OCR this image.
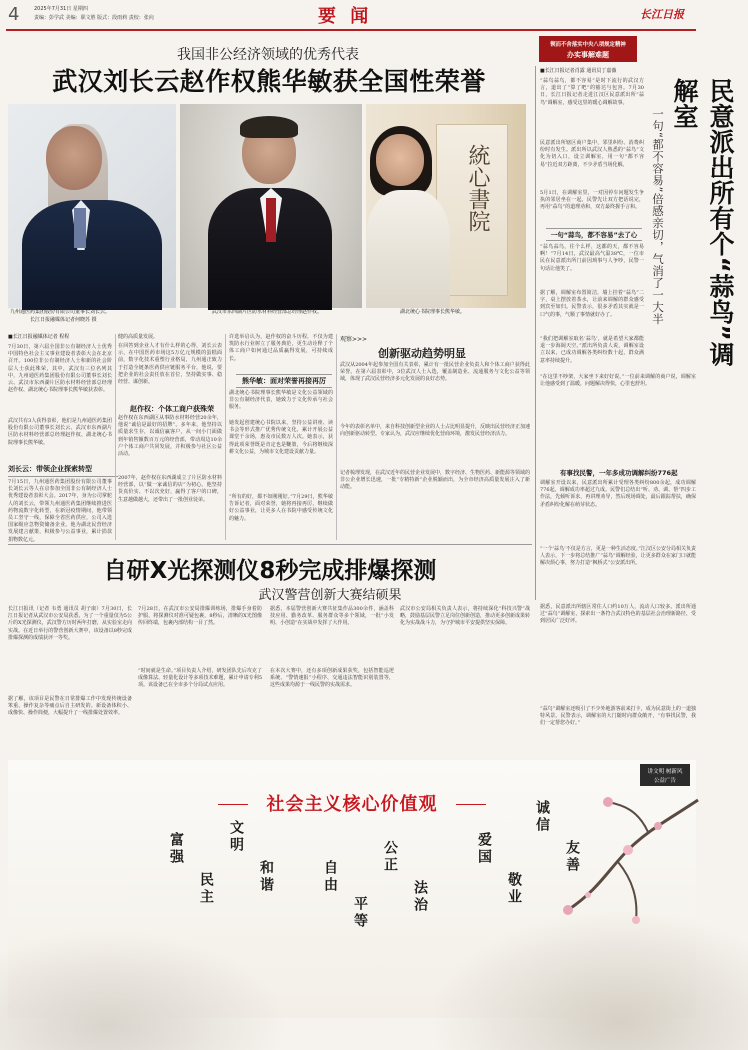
4	2025年7月31日 星期四
责编：彭学武 美编：职文胜 版式：段雨莉 责校：张向	要 闻	长江日报
锲而不舍落实中央八项规定精神
办实事解难题
我国非公经济领域的优秀代表
武汉刘长云赵作权熊华敏获全国性荣誉
統心書院
九州通医药集团股份有限公司董事长刘长云。
长江日报融媒体记者何晓苏 摄
武汉市东西湖片区防水材料经营部总经理赵作权。	湖北统心书院理事长熊华敏。
■长江日报融媒体记者 程程
7月30日，第六届全国非公有制经济人士优秀中国特色社会主义事业建设者表彰大会在北京召开。100位非公有制经济人士和新的社会阶层人士获此殊荣，其中，武汉有三位名列其中，九州通医药集团股份有限公司董事长刘长云、武汉市东西湖片区防水材料经营部总经理赵作权、湖北统心书院理事长熊华敏获表彰。
武汉共有3人获得表彰，他们是九州通医药集团股份有限公司董事长刘长云、武汉市东西湖片区防水材料经营部总经理赵作权、湖北统心书院理事长熊华敏。
刘长云：带领企业探索转型
7月15日，九州通医药集团股份有限公司董事长刘长云等人在京参加全国非公有制经济人士优秀建设者表彰大会。2017年，身为公司掌舵人的刘长云，带领九州通医药集团继续推进医药物流数字化转型，在新冠疫情期间，他带领员工坚守一线，保障全省医药供应，公司入选国家级应急物资储备企业。他为湖北民营经济发展建言献策，积极参与公益事业，累计捐款捐物数亿元。
健的高质量发展。
在回答到企业人才有什么样的心得，刘长云表示，在中国医药市场这5万亿元规模的蛋糕面前，数字化技术重塑行业格局，九州通正致力于打造全链条医药供应链服务平台，他说，要把企业的社会责任放在首位，坚持做实事、稳经营、谋创新。
赵作权：个体工商户获殊荣
赵作权在东西湖区从事防水材料经营20余年，他说“诚信是最好的招牌”。多年来，他坚持以质量求生存，以诚信赢客户，从一间小门面做到年销售额数百万元的经营部，带动周边10余户个体工商户共同发展，并积极参与社区公益活动。
2007年，赵作权在东西湖成立了片区防水材料经营部，以“做一家诚信的店”为初心。他坚持货真价实、不以次充好，赢得了客户的口碑，生意越做越大，还带出了一批创业徒弟。
许选举启认为，赵作权的奋斗历程，不仅为建筑防水行业树立了服务典范，更生动诠释了个体工商户如何通过品质赢得发展，可持续成长。
熊华敏：面对荣誉再接再厉
湖北统心书院理事长熊华敏是文化公益领域的非公有制经济代表，她致力于文化传承与社会服务。
她发起创建统心书院以来，坚持公益讲座、读书会等形式推广优秀传统文化，累计开展公益课堂千余场，惠及市民数万人次。她表示，获得此项荣誉既是肯定也是鞭策，今后将继续深耕文化公益，为城市文化建设贡献力量。
“所有的好，都不如刚刚好。”7月29日，熊华敏告诉记者，面对荣誉，她将再接再厉，继续做好公益事业，让更多人在书院中感受传统文化的魅力。
观察>>>
创新驱动趋势明显
武汉从2004年起参加全国有关表彰，累计有一批民营企业负责人和个体工商户获得此荣誉。在第六届表彰中，3位武汉人士入选，覆盖制造业、流通服务与文化公益等领域，体现了武汉民营经济多元化发展的良好态势。
今年的表彰名单中，来自科技创新型企业的人士占比明显提升，反映出民营经济正加速向创新驱动转型。专家认为，武汉应继续优化营商环境，激发民营经济活力。
记者梳理发现，在武汉近年的民营企业发展中，数字经济、生物医药、新能源等领域的非公企业增长迅速，一批“专精特新”企业脱颖而出，为全市经济高质量发展注入了新动能。
民意派出所有个“蒜鸟”调解室
一句“都不容易”倍感亲切，气消了一大半
■长江日报记者肖露 通讯员丁嘉薇
“蒜鸟蒜鸟，都不容易”是时下流行的武汉方言，道出了“算了吧”的豁达与包容。7月30日，长江日报记者走进江汉区民意派出所“蒜鸟”调解室，感受这里的暖心调解故事。
民意派出所辖区商户集中，邻里纠纷、消费纠纷时有发生。派出所以武汉人熟悉的“蒜鸟”文化为切入口，设立调解室，用一句“都不容易”拉近双方距离，不少矛盾当场化解。
5月1日，在调解室里，一对因停车问题发生争执的邻居坐在一起，民警先让双方把话说完，再用“蒜鸟”的道理劝和，双方最终握手言和。
一句“蒜鸟，都不容易”去了心
“蒜鸟蒜鸟，往个么样，这都的天，都不容易啊！”7月14日，武汉最高气温38℃，一位市民在民意派出所门前因琐事与人争吵，民警一句话让他笑了。
据了解，调解室布置简洁，墙上挂着“蒜鸟”二字，桌上摆放着茶水，让前来调解的群众感受到宾至如归。民警表示，很多矛盾其实就是一口气的事，气顺了事情就好办了。
“我们把调解室取名‘蒜鸟’，就是希望大家都能退一步海阔天空。”派出所负责人说，调解室设立以来，已成功调解各类纠纷数十起，群众满意率持续提升。
“在这里不吵架，大家坐下来好好说。”一位前来调解的商户说，调解室让他感受到了温暖，问题解决得快，心里也舒坦。
有事找民警，一年多成功调解纠纷776起
调解室开设以来，民意派出所累计受理各类纠纷800余起，成功调解776起，调解成功率超过九成。民警们总结出“听、劝、调、帮”四步工作法，先倾听诉求，再讲理劝导，然后现场调处，最后跟踪帮扶，确保矛盾纠纷化解在萌芽状态。
“一个‘蒜鸟’不仅是方言，更是一种生活态度。”江汉区公安分局相关负责人表示，下一步将总结推广“蒜鸟”调解经验，让更多群众在家门口就能解决烦心事，努力打造“枫桥式”公安派出所。
据悉，民意派出所辖区常住人口约10万人，流动人口较多。派出所通过“蒜鸟”调解室，探索出一条符合武汉特色的基层社会治理新路径，受到居民广泛好评。
“蒜鸟”调解室还吸引了不少外地游客前来打卡，成为民意街上的一道独特风景。民警表示，调解室的大门随时向群众敞开，“有事找民警，我们一定帮您办好。”
自研X光探测仪8秒完成排爆探测
武汉警营创新大赛结硕果
长江日报讯（记者 韦勇 通讯员 胡子康）7月30日，长江日报记者从武汉市公安局获悉，为了一个重量仅为5公斤的X光探测仪，武汉警方历时两年打磨，从实验室走向实战。在近日举行的警营创新大赛中，该设备以8秒完成排爆探测的成绩获评一等奖。
据了解，该项目是民警在日常排爆工作中发现传统设备笨重、操作复杂等痛点后自主研发的。新设备体积小、成像快、操作简便，大幅提升了一线排爆处置效率。
7月28日，在武汉市公安局排爆训练场，排爆手身着防护服，将探测仪对准可疑包裹，8秒后，清晰的X光图像传回终端，包裹内部结构一目了然。
“时间就是生命。”项目负责人介绍，研发团队先后攻克了成像算法、轻量化设计等多项技术难题，累计申请专利5项。该设备已在全市多个分局试点应用。
据悉，本届警营创新大赛共征集作品300余件，涵盖科技应用、勤务改革、服务群众等多个领域，一批“小发明、小创造”在实战中发挥了大作用。
在本次大赛中，还有多项创新成果获奖，包括智能巡逻系统、“警情速报”小程序、交通违法智能识别装置等，这些成果均源于一线民警的实战需求。
武汉市公安局相关负责人表示，将持续深化“科技兴警”战略，鼓励基层民警立足岗位创新创造，推动更多创新成果转化为实战战斗力，为守护城市平安提供坚实保障。
讲文明 树新风
公益广告
社会主义核心价值观
富强
民主
文明
和谐	自由
平等
公正
法治
爱国
敬业
诚信
友善
